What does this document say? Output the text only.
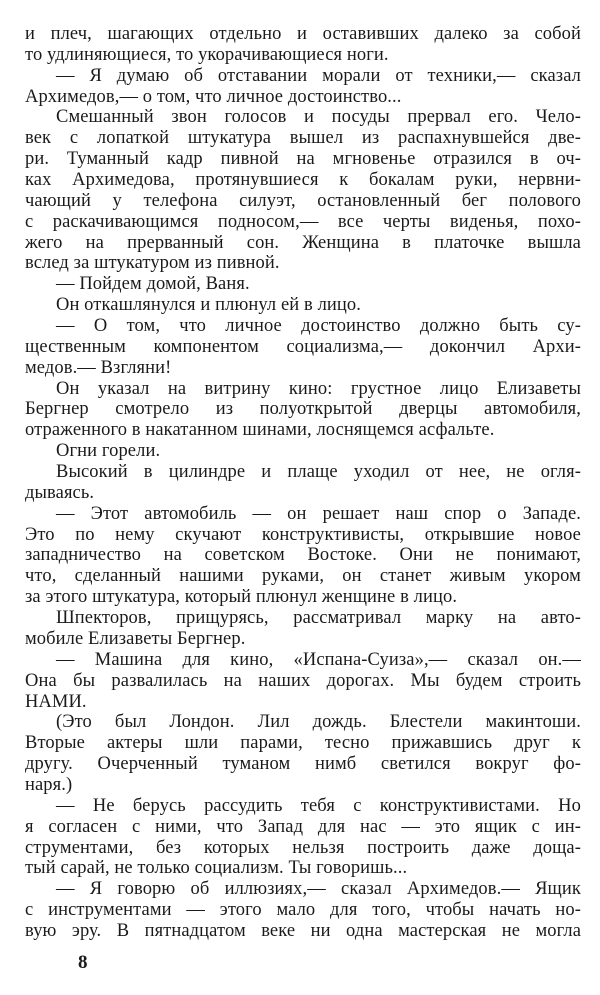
и плеч, шагающих отдельно и оставивших далеко за собой
то удлиняющиеся, то укорачивающиеся ноги.
— Я думаю об отставании морали от техники,— сказал
Архимедов,— о том, что личное достоинство...
Смешанный звон голосов и посуды прервал его. Чело-
век с лопаткой штукатура вышел из распахнувшейся две-
ри. Туманный кадр пивной на мгновенье отразился в оч-
ках Архимедова, протянувшиеся к бокалам руки, нервни-
чающий у телефона силуэт, остановленный бег полового
с раскачивающимся подносом,— все черты виденья, похо-
жего на прерванный сон. Женщина в платочке вышла
вслед за штукатуром из пивной.
— Пойдем домой, Ваня.
Он откашлянулся и плюнул ей в лицо.
— О том, что личное достоинство должно быть су-
щественным компонентом социализма,— докончил Архи-
медов.— Взгляни!
Он указал на витрину кино: грустное лицо Елизаветы
Бергнер смотрело из полуоткрытой дверцы автомобиля,
отраженного в накатанном шинами, лоснящемся асфальте.
Огни горели.
Высокий в цилиндре и плаще уходил от нее, не огля-
дываясь.
— Этот автомобиль — он решает наш спор о Западе.
Это по нему скучают конструктивисты, открывшие новое
западничество на советском Востоке. Они не понимают,
что, сделанный нашими руками, он станет живым укором
за этого штукатура, который плюнул женщине в лицо.
Шпекторов, прищурясь, рассматривал марку на авто-
мобиле Елизаветы Бергнер.
— Машина для кино, «Испана-Суиза»,— сказал он.—
Она бы развалилась на наших дорогах. Мы будем строить
НАМИ.
(Это был Лондон. Лил дождь. Блестели макинтоши.
Вторые актеры шли парами, тесно прижавшись друг к
другу. Очерченный туманом нимб светился вокруг фо-
наря.)
— Не берусь рассудить тебя с конструктивистами. Но
я согласен с ними, что Запад для нас — это ящик с ин-
струментами, без которых нельзя построить даже доща-
тый сарай, не только социализм. Ты говоришь...
— Я говорю об иллюзиях,— сказал Архимедов.— Ящик
с инструментами — этого мало для того, чтобы начать но-
вую эру. В пятнадцатом веке ни одна мастерская не могла
8
